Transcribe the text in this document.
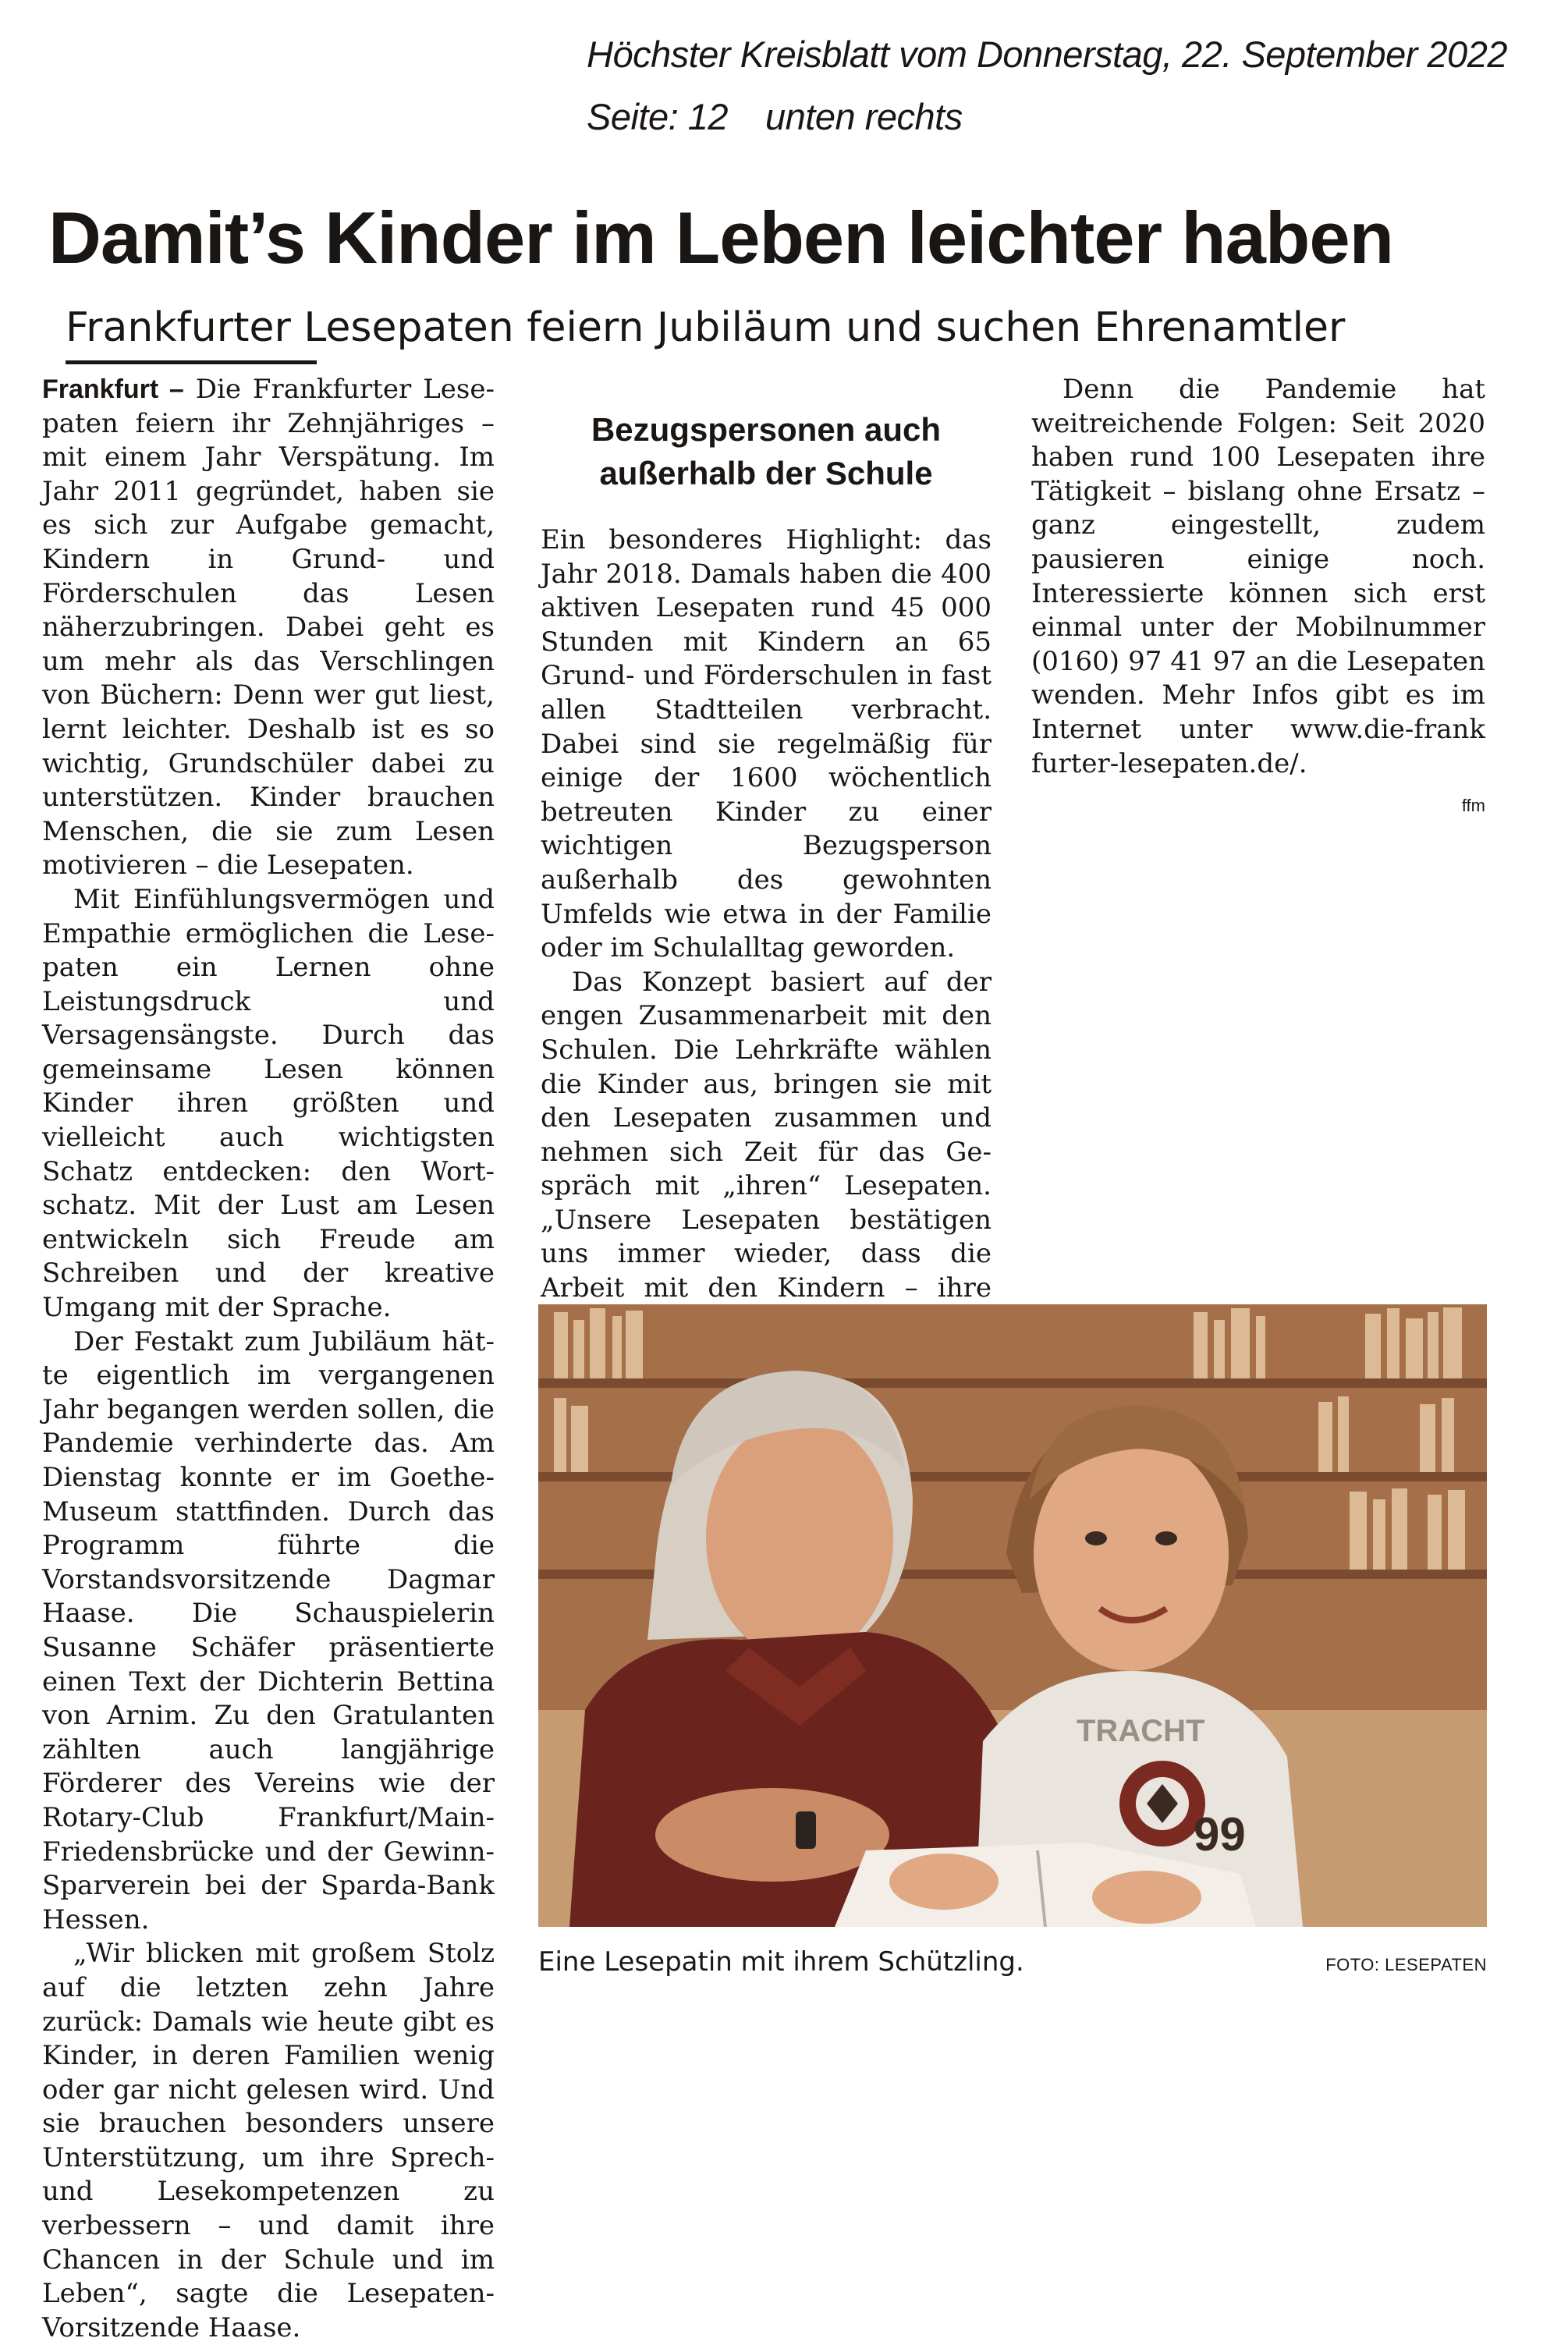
Höchster Kreisblatt vom Donnerstag, 22. September 2022
Seite: 12 unten rechts
Damit’s Kinder im Leben leichter haben
Frankfurter Lesepaten feiern Jubiläum und suchen Ehrenamtler

Frankfurt – Die Frankfurter Lesepaten feiern ihr Zehnjähriges – mit einem Jahr Verspätung. Im Jahr 2011 gegründet, haben sie es sich zur Aufgabe gemacht, Kindern in Grund- und Förderschulen das Lesen näherzubringen. Dabei geht es um mehr als das Verschlingen von Büchern: Denn wer gut liest, lernt leichter. Deshalb ist es so wichtig, Grundschüler dabei zu unterstützen. Kinder brauchen Menschen, die sie zum Lesen motivieren – die Lesepaten.

Mit Einfühlungsvermögen und Empathie ermöglichen die Lesepaten ein Lernen ohne Leistungsdruck und Versagensängste. Durch das gemeinsame Lesen können Kinder ihren größten und vielleicht auch wichtigsten Schatz entdecken: den Wortschatz. Mit der Lust am Lesen entwickeln sich Freude am Schreiben und der kreative Umgang mit der Sprache.

Der Festakt zum Jubiläum hätte eigentlich im vergangenen Jahr begangen werden sollen, die Pandemie verhinderte das. Am Dienstag konnte er im Goethe-Museum stattfinden. Durch das Programm führte die Vorstandsvorsitzende Dagmar Haase. Die Schauspielerin Susanne Schäfer präsentierte einen Text der Dichterin Bettina von Arnim. Zu den Gratulanten zählten auch langjährige Förderer des Vereins wie der Rotary-Club Frankfurt/Main-Friedensbrücke und der Gewinn-Sparverein bei der Sparda-Bank Hessen.

„Wir blicken mit großem Stolz auf die letzten zehn Jahre zurück: Damals wie heute gibt es Kinder, in deren Familien wenig oder gar nicht gelesen wird. Und sie brauchen besonders unsere Unterstützung, um ihre Sprech- und Lesekompetenzen zu verbessern – und damit ihre Chancen in der Schule und im Leben“, sagte die Lesepaten-Vorsitzende Haase.

Bezugspersonen auch außerhalb der Schule

Ein besonderes Highlight: das Jahr 2018. Damals haben die 400 aktiven Lesepaten rund 45 000 Stunden mit Kindern an 65 Grund- und Förderschulen in fast allen Stadtteilen verbracht. Dabei sind sie regelmäßig für einige der 1600 wöchentlich betreuten Kinder zu einer wichtigen Bezugsperson außerhalb des gewohnten Umfelds wie etwa in der Familie oder im Schulalltag geworden.

Das Konzept basiert auf der engen Zusammenarbeit mit den Schulen. Die Lehrkräfte wählen die Kinder aus, bringen sie mit den Lesepaten zusammen und nehmen sich Zeit für das Gespräch mit „ihren“ Lesepaten. „Unsere Lesepaten bestätigen uns immer wieder, dass die Arbeit mit den Kindern – ihre

Denn die Pandemie hat weitreichende Folgen: Seit 2020 haben rund 100 Lesepaten ihre Tätigkeit – bislang ohne Ersatz – ganz eingestellt, zudem pausieren einige noch. Interessierte können sich erst einmal unter der Mobilnummer (0160) 97 41 97 an die Lesepaten wenden. Mehr Infos gibt es im Internet unter www.die-frank furter-lesepaten.de/.

ffm
99
TRACHT
Eine Lesepatin mit ihrem Schützling.	FOTO: LESEPATEN
